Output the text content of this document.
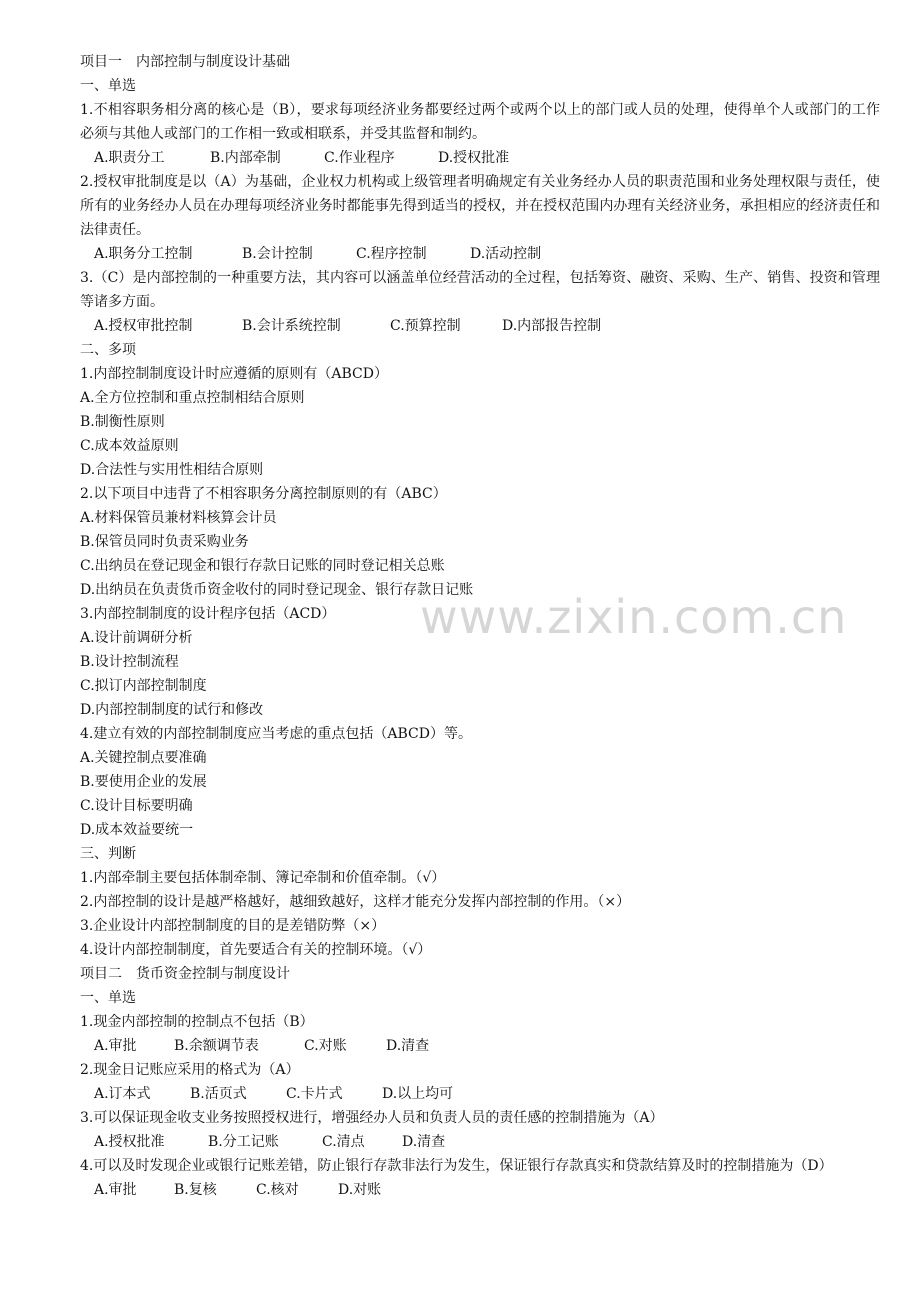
项目一　内部控制与制度设计基础
一、单选
1.不相容职务相分离的核心是（B），要求每项经济业务都要经过两个或两个以上的部门或人员的处理，使得单个人或部门的工作必须与其他人或部门的工作相一致或相联系，并受其监督和制约。
A.职责分工	B.内部牵制	C.作业程序	D.授权批准
2.授权审批制度是以（A）为基础，企业权力机构或上级管理者明确规定有关业务经办人员的职责范围和业务处理权限与责任，使所有的业务经办人员在办理每项经济业务时都能事先得到适当的授权，并在授权范围内办理有关经济业务，承担相应的经济责任和法律责任。
A.职务分工控制	B.会计控制	C.程序控制	D.活动控制
3.（C）是内部控制的一种重要方法，其内容可以涵盖单位经营活动的全过程，包括筹资、融资、采购、生产、销售、投资和管理等诸多方面。
A.授权审批控制	B.会计系统控制	C.预算控制	D.内部报告控制
二、多项
1.内部控制制度设计时应遵循的原则有（ABCD）
A.全方位控制和重点控制相结合原则
B.制衡性原则
C.成本效益原则
D.合法性与实用性相结合原则
2.以下项目中违背了不相容职务分离控制原则的有（ABC）
A.材料保管员兼材料核算会计员
B.保管员同时负责采购业务
C.出纳员在登记现金和银行存款日记账的同时登记相关总账
D.出纳员在负责货币资金收付的同时登记现金、银行存款日记账
3.内部控制制度的设计程序包括（ACD）
A.设计前调研分析
B.设计控制流程
C.拟订内部控制制度
D.内部控制制度的试行和修改
4.建立有效的内部控制制度应当考虑的重点包括（ABCD）等。
A.关键控制点要准确
B.要使用企业的发展
C.设计目标要明确
D.成本效益要统一
三、判断
1.内部牵制主要包括体制牵制、簿记牵制和价值牵制。（√）
2.内部控制的设计是越严格越好，越细致越好，这样才能充分发挥内部控制的作用。（×）
3.企业设计内部控制制度的目的是差错防弊（×）
4.设计内部控制制度，首先要适合有关的控制环境。（√）
项目二　货币资金控制与制度设计
一、单选
1.现金内部控制的控制点不包括（B）
A.审批	B.余额调节表	C.对账	D.清查
2.现金日记账应采用的格式为（A）
A.订本式	B.活页式	C.卡片式	D.以上均可
3.可以保证现金收支业务按照授权进行，增强经办人员和负责人员的责任感的控制措施为（A）
A.授权批准	B.分工记账	C.清点	D.清查
4.可以及时发现企业或银行记账差错，防止银行存款非法行为发生，保证银行存款真实和贷款结算及时的控制措施为（D）
A.审批	B.复核	C.核对	D.对账
www.zixin.com.cn
